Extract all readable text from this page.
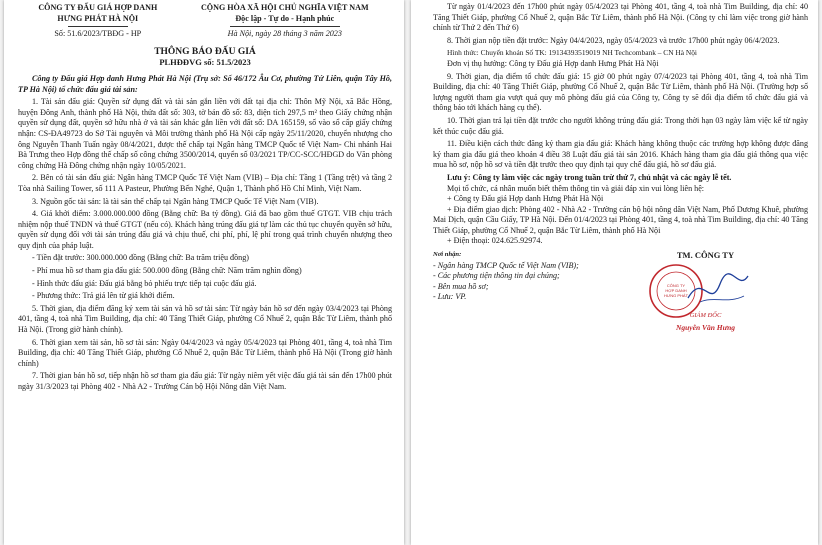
CÔNG TY ĐẤU GIÁ HỢP DANH
HƯNG PHÁT HÀ NỘI
Số: 51.6/2023/TBĐG - HP
CỘNG HÒA XÃ HỘI CHỦ NGHĨA VIỆT NAM
Độc lập - Tự do - Hạnh phúc
Hà Nội, ngày 28 tháng 3 năm 2023
THÔNG BÁO ĐẤU GIÁ
PLHĐĐVG số: 51.5/2023

Công ty Đấu giá Hợp danh Hưng Phát Hà Nội (Trụ sở: Số 46/172 Âu Cơ, phường Tứ Liên, quận Tây Hồ, TP Hà Nội) tổ chức đấu giá tài sản:

1. Tài sản đấu giá: Quyền sử dụng đất và tài sản gắn liền với đất tại địa chỉ: Thôn Mỹ Nội, xã Bắc Hồng, huyện Đông Anh, thành phố Hà Nội, thửa đất số: 303, tờ bản đồ số: 83, diện tích 297,5 m² theo Giấy chứng nhận quyền sử dụng đất, quyền sở hữu nhà ở và tài sản khác gắn liền với đất số: DA 165159, số vào sổ cấp giấy chứng nhận: CS-ĐA49723 do Sở Tài nguyên và Môi trường thành phố Hà Nội cấp ngày 25/11/2020, chuyển nhượng cho ông Nguyễn Thanh Tuấn ngày 08/4/2021, được thế chấp tại Ngân hàng TMCP Quốc tế Việt Nam- Chi nhánh Hai Bà Trưng theo Hợp đồng thế chấp số công chứng 3500/2014, quyển số 03/2021 TP/CC-SCC/HĐGD do Văn phòng công chứng Hà Đông chứng nhận ngày 10/05/2021.

2. Bên có tài sản đấu giá: Ngân hàng TMCP Quốc Tế Việt Nam (VIB) – Địa chỉ: Tầng 1 (Tầng trệt) và tầng 2 Tòa nhà Sailing Tower, số 111 A Pasteur, Phường Bến Nghé, Quận 1, Thành phố Hồ Chí Minh, Việt Nam.

3. Nguồn gốc tài sản: là tài sản thế chấp tại Ngân hàng TMCP Quốc Tế Việt Nam (VIB).

4. Giá khởi điểm: 3.000.000.000 đồng (Bằng chữ: Ba tỷ đồng). Giá đã bao gồm thuế GTGT. VIB chịu trách nhiệm nộp thuế TNDN và thuế GTGT (nếu có). Khách hàng trúng đấu giá tự làm các thủ tục chuyển quyền sở hữu, quyền sử dụng đối với tài sản trúng đấu giá và chịu thuế, chi phí, phí, lệ phí trong quá trình chuyển nhượng theo quy định của pháp luật.

- Tiền đặt trước: 300.000.000 đồng (Bằng chữ: Ba trăm triệu đồng)

- Phí mua hồ sơ tham gia đấu giá: 500.000 đồng (Bằng chữ: Năm trăm nghìn đồng)

- Hình thức đấu giá: Đấu giá bằng bỏ phiếu trực tiếp tại cuộc đấu giá.

- Phương thức: Trả giá lên từ giá khởi điểm.

5. Thời gian, địa điểm đăng ký xem tài sản và hồ sơ tài sản: Từ ngày bán hồ sơ đến ngày 03/4/2023 tại Phòng 401, tầng 4, toà nhà Tim Building, địa chỉ: 40 Tăng Thiết Giáp, phường Cổ Nhuế 2, quận Bắc Từ Liêm, thành phố Hà Nội. (Trong giờ hành chính).

6. Thời gian xem tài sản, hồ sơ tài sản: Ngày 04/4/2023 và ngày 05/4/2023 tại Phòng 401, tầng 4, toà nhà Tim Building, địa chỉ: 40 Tăng Thiết Giáp, phường Cổ Nhuế 2, quận Bắc Từ Liêm, thành phố Hà Nội (Trong giờ hành chính)

7. Thời gian bán hồ sơ, tiếp nhận hồ sơ tham gia đấu giá: Từ ngày niêm yết việc đấu giá tài sản đến 17h00 phút ngày 31/3/2023 tại Phòng 402 - Nhà A2 - Trường Cán bộ Hội Nông dân Việt Nam.

Từ ngày 01/4/2023 đến 17h00 phút ngày 05/4/2023 tại Phòng 401, tầng 4, toà nhà Tim Building, địa chỉ: 40 Tăng Thiết Giáp, phường Cổ Nhuế 2, quận Bắc Từ Liêm, thành phố Hà Nội. (Công ty chỉ làm việc trong giờ hành chính từ Thứ 2 đến Thứ 6)

8. Thời gian nộp tiền đặt trước: Ngày 04/4/2023, ngày 05/4/2023 và trước 17h00 phút ngày 06/4/2023.

Hình thức: Chuyển khoản Số TK: 19134393519019 NH Techcombank – CN Hà Nội

Đơn vị thụ hưởng: Công ty Đấu giá Hợp danh Hưng Phát Hà Nội

9. Thời gian, địa điểm tổ chức đấu giá: 15 giờ 00 phút ngày 07/4/2023 tại Phòng 401, tầng 4, toà nhà Tim Building, địa chỉ: 40 Tăng Thiết Giáp, phường Cổ Nhuế 2, quận Bắc Từ Liêm, thành phố Hà Nội. (Trường hợp số lượng người tham gia vượt quá quy mô phòng đấu giá của Công ty, Công ty sẽ đổi địa điểm tổ chức đấu giá và thông báo tới khách hàng cụ thể).

10. Thời gian trả lại tiền đặt trước cho người không trúng đấu giá: Trong thời hạn 03 ngày làm việc kể từ ngày kết thúc cuộc đấu giá.

11. Điều kiện cách thức đăng ký tham gia đấu giá: Khách hàng không thuộc các trường hợp không được đăng ký tham gia đấu giá theo khoản 4 điều 38 Luật đấu giá tài sản 2016. Khách hàng tham gia đấu giá thông qua việc mua hồ sơ, nộp hồ sơ và tiền đặt trước theo quy định tại quy chế đấu giá, hồ sơ đấu giá.

Lưu ý: Công ty làm việc các ngày trong tuần trừ thứ 7, chủ nhật và các ngày lễ tết.

Mọi tổ chức, cá nhân muốn biết thêm thông tin và giải đáp xin vui lòng liên hệ:

+ Công ty Đấu giá Hợp danh Hưng Phát Hà Nội

+ Địa điểm giao dịch: Phòng 402 - Nhà A2 - Trường cán bộ hội nông dân Việt Nam, Phố Dương Khuê, phường Mai Dịch, quận Cầu Giấy, TP Hà Nội. Đến 01/4/2023 tại Phòng 401, tầng 4, toà nhà Tim Building, địa chỉ: 40 Tăng Thiết Giáp, phường Cổ Nhuế 2, quận Bắc Từ Liêm, thành phố Hà Nội

+ Điện thoại: 024.625.92974.

Nơi nhận:
- Ngân hàng TMCP Quốc tế Việt Nam (VIB);
- Các phương tiện thông tin đại chúng;
- Bên mua hồ sơ;
- Lưu: VP.
TM. CÔNG TY
CÔNG TY
HỢP DANH
HƯNG PHÁT
GIÁM ĐỐC
Nguyễn Văn Hưng
